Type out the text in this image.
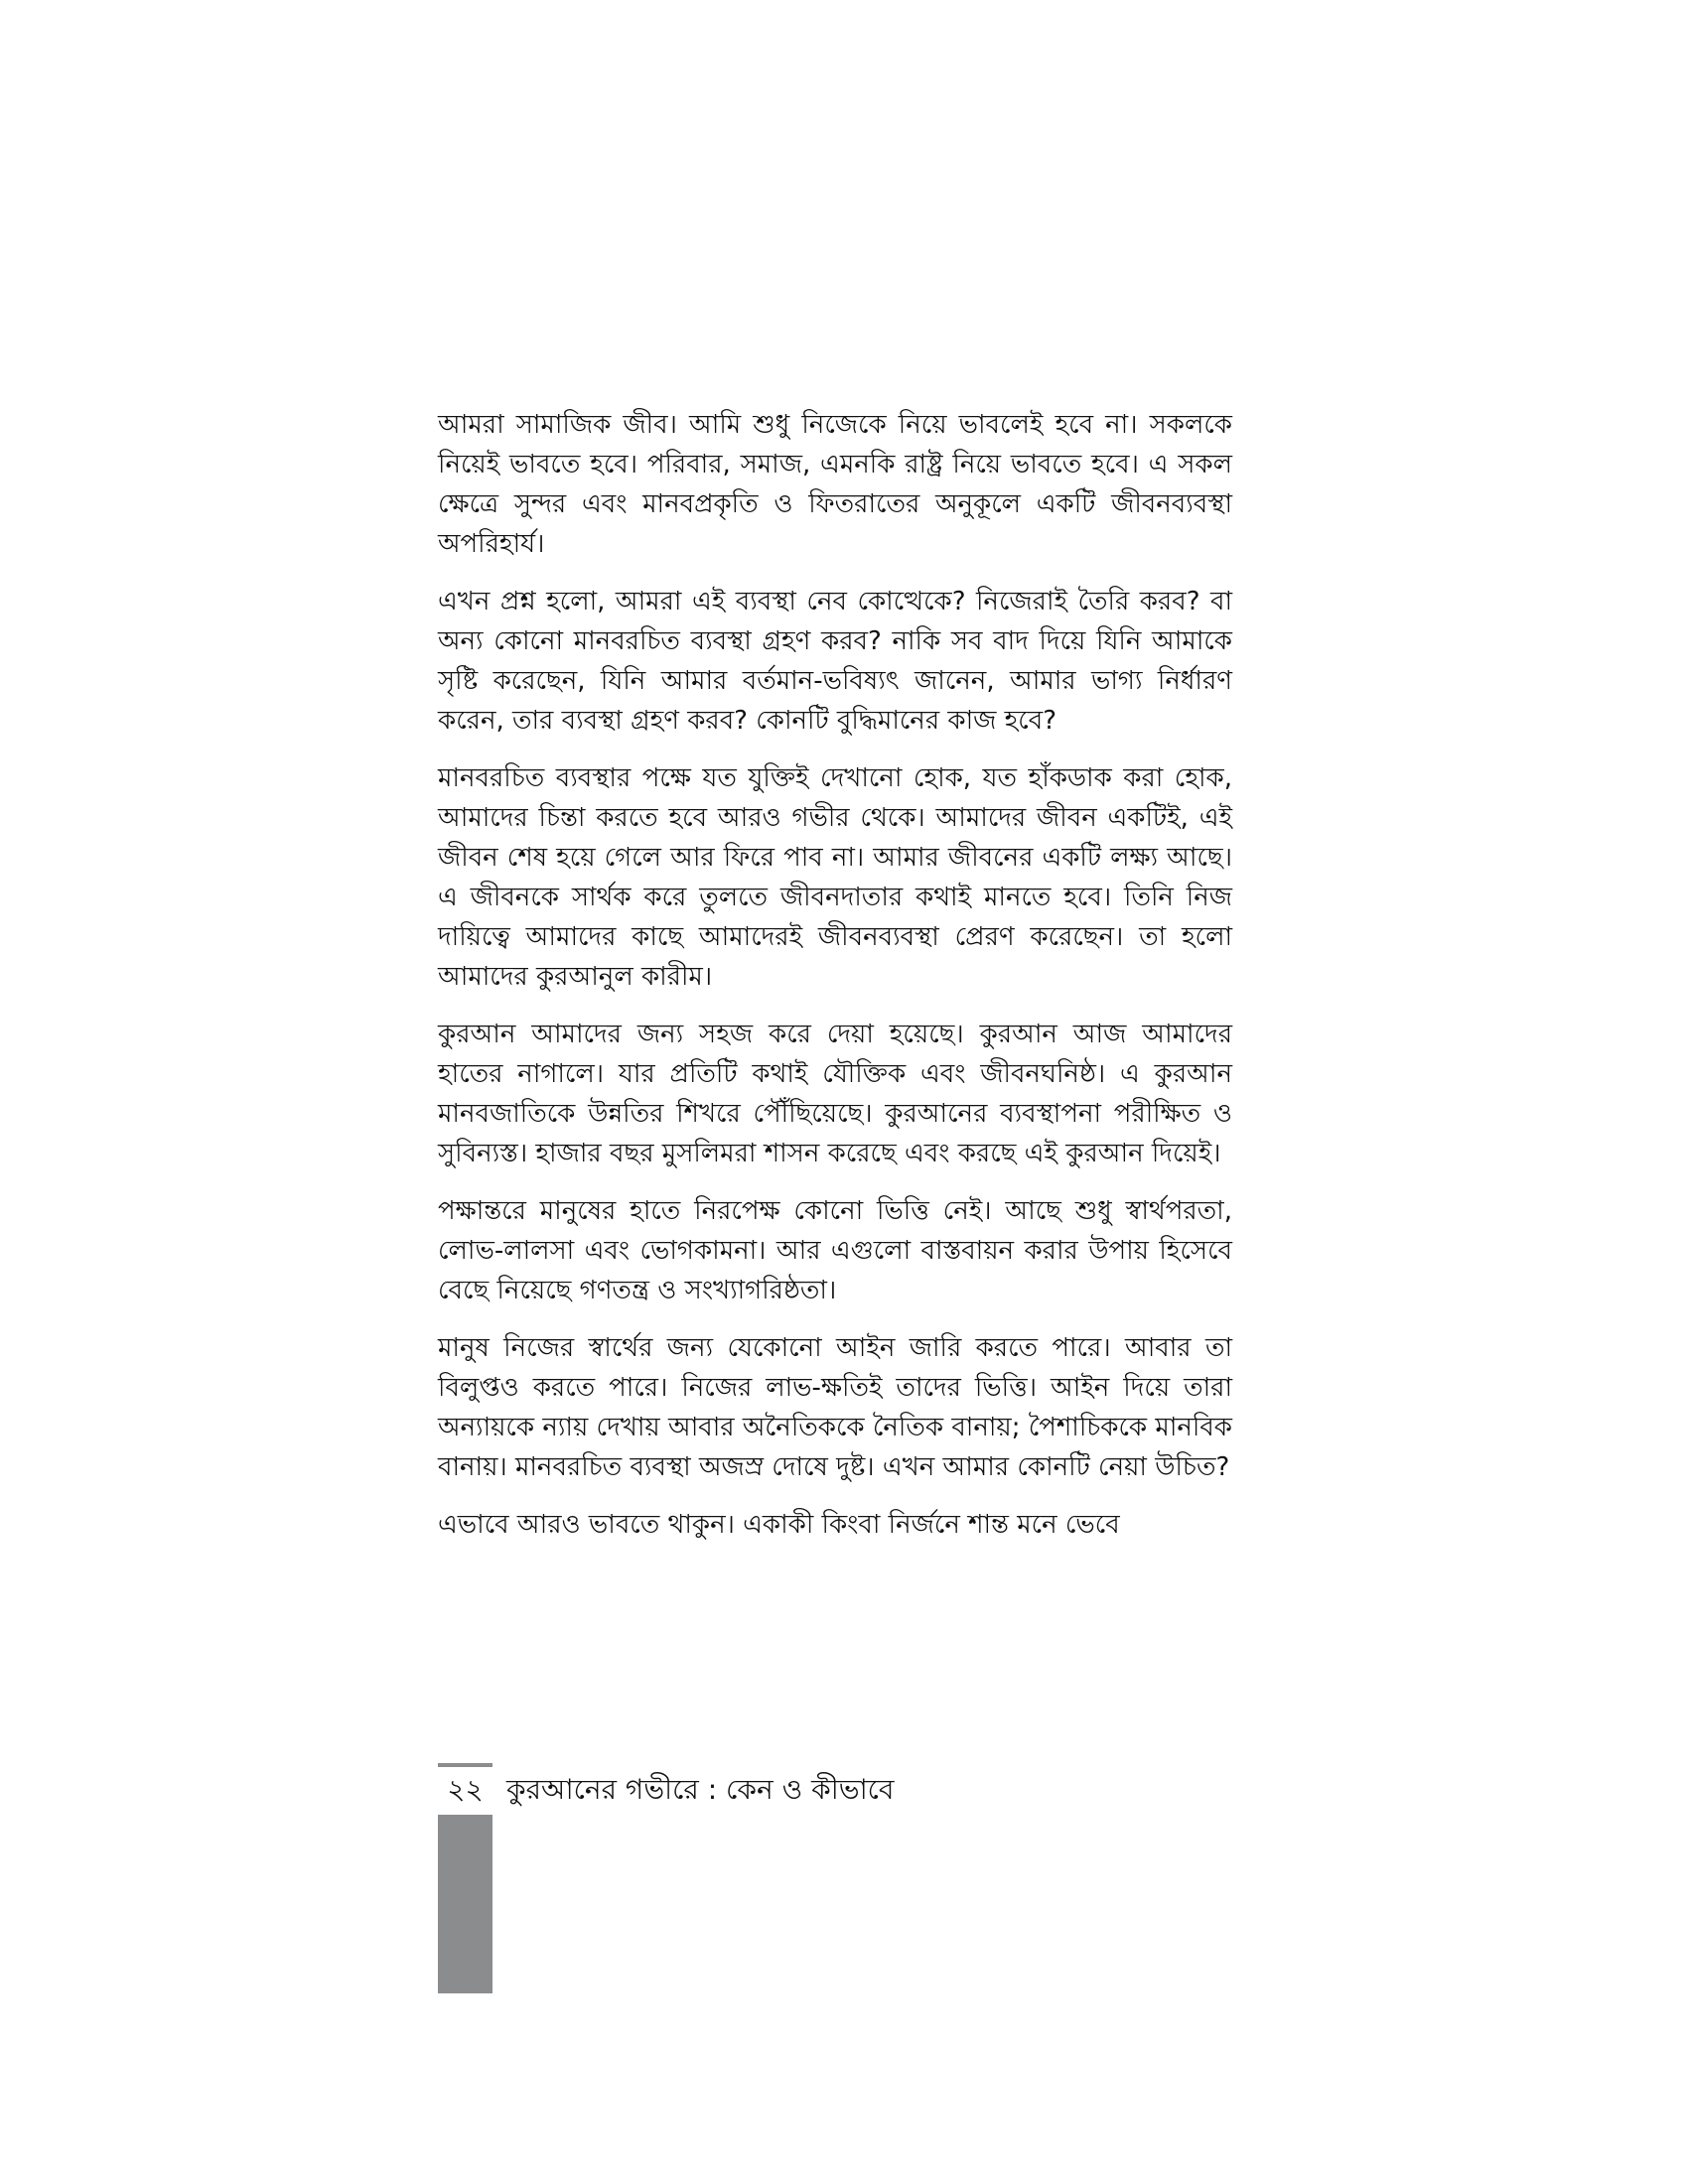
আমরা সামাজিক জীব। আমি শুধু নিজেকে নিয়ে ভাবলেই হবে না। সকলকে নিয়েই ভাবতে হবে। পরিবার, সমাজ, এমনকি রাষ্ট্র নিয়ে ভাবতে হবে। এ সকল ক্ষেত্রে সুন্দর এবং মানবপ্রকৃতি ও ফিতরাতের অনুকূলে একটি জীবনব্যবস্থা অপরিহার্য।

এখন প্রশ্ন হলো, আমরা এই ব্যবস্থা নেব কোত্থেকে? নিজেরাই তৈরি করব? বা অন্য কোনো মানবরচিত ব্যবস্থা গ্রহণ করব? নাকি সব বাদ দিয়ে যিনি আমাকে সৃষ্টি করেছেন, যিনি আমার বর্তমান-ভবিষ্যৎ জানেন, আমার ভাগ্য নির্ধারণ করেন, তার ব্যবস্থা গ্রহণ করব? কোনটি বুদ্ধিমানের কাজ হবে?

মানবরচিত ব্যবস্থার পক্ষে যত যুক্তিই দেখানো হোক, যত হাঁকডাক করা হোক, আমাদের চিন্তা করতে হবে আরও গভীর থেকে। আমাদের জীবন একটিই, এই জীবন শেষ হয়ে গেলে আর ফিরে পাব না। আমার জীবনের একটি লক্ষ্য আছে। এ জীবনকে সার্থক করে তুলতে জীবনদাতার কথাই মানতে হবে। তিনি নিজ দায়িত্বে আমাদের কাছে আমাদেরই জীবনব্যবস্থা প্রেরণ করেছেন। তা হলো আমাদের কুরআনুল কারীম।

কুরআন আমাদের জন্য সহজ করে দেয়া হয়েছে। কুরআন আজ আমাদের হাতের নাগালে। যার প্রতিটি কথাই যৌক্তিক এবং জীবনঘনিষ্ঠ। এ কুরআন মানবজাতিকে উন্নতির শিখরে পৌঁছিয়েছে। কুরআনের ব্যবস্থাপনা পরীক্ষিত ও সুবিন্যস্ত। হাজার বছর মুসলিমরা শাসন করেছে এবং করছে এই কুরআন দিয়েই।

পক্ষান্তরে মানুষের হাতে নিরপেক্ষ কোনো ভিত্তি নেই। আছে শুধু স্বার্থপরতা, লোভ-লালসা এবং ভোগকামনা। আর এগুলো বাস্তবায়ন করার উপায় হিসেবে বেছে নিয়েছে গণতন্ত্র ও সংখ্যাগরিষ্ঠতা।

মানুষ নিজের স্বার্থের জন্য যেকোনো আইন জারি করতে পারে। আবার তা বিলুপ্তও করতে পারে। নিজের লাভ-ক্ষতিই তাদের ভিত্তি। আইন দিয়ে তারা অন্যায়কে ন্যায় দেখায় আবার অনৈতিককে নৈতিক বানায়; পৈশাচিককে মানবিক বানায়। মানবরচিত ব্যবস্থা অজস্র দোষে দুষ্ট। এখন আমার কোনটি নেয়া উচিত?

এভাবে আরও ভাবতে থাকুন। একাকী কিংবা নির্জনে শান্ত মনে ভেবে

২২ কুরআনের গভীরে : কেন ও কীভাবে
